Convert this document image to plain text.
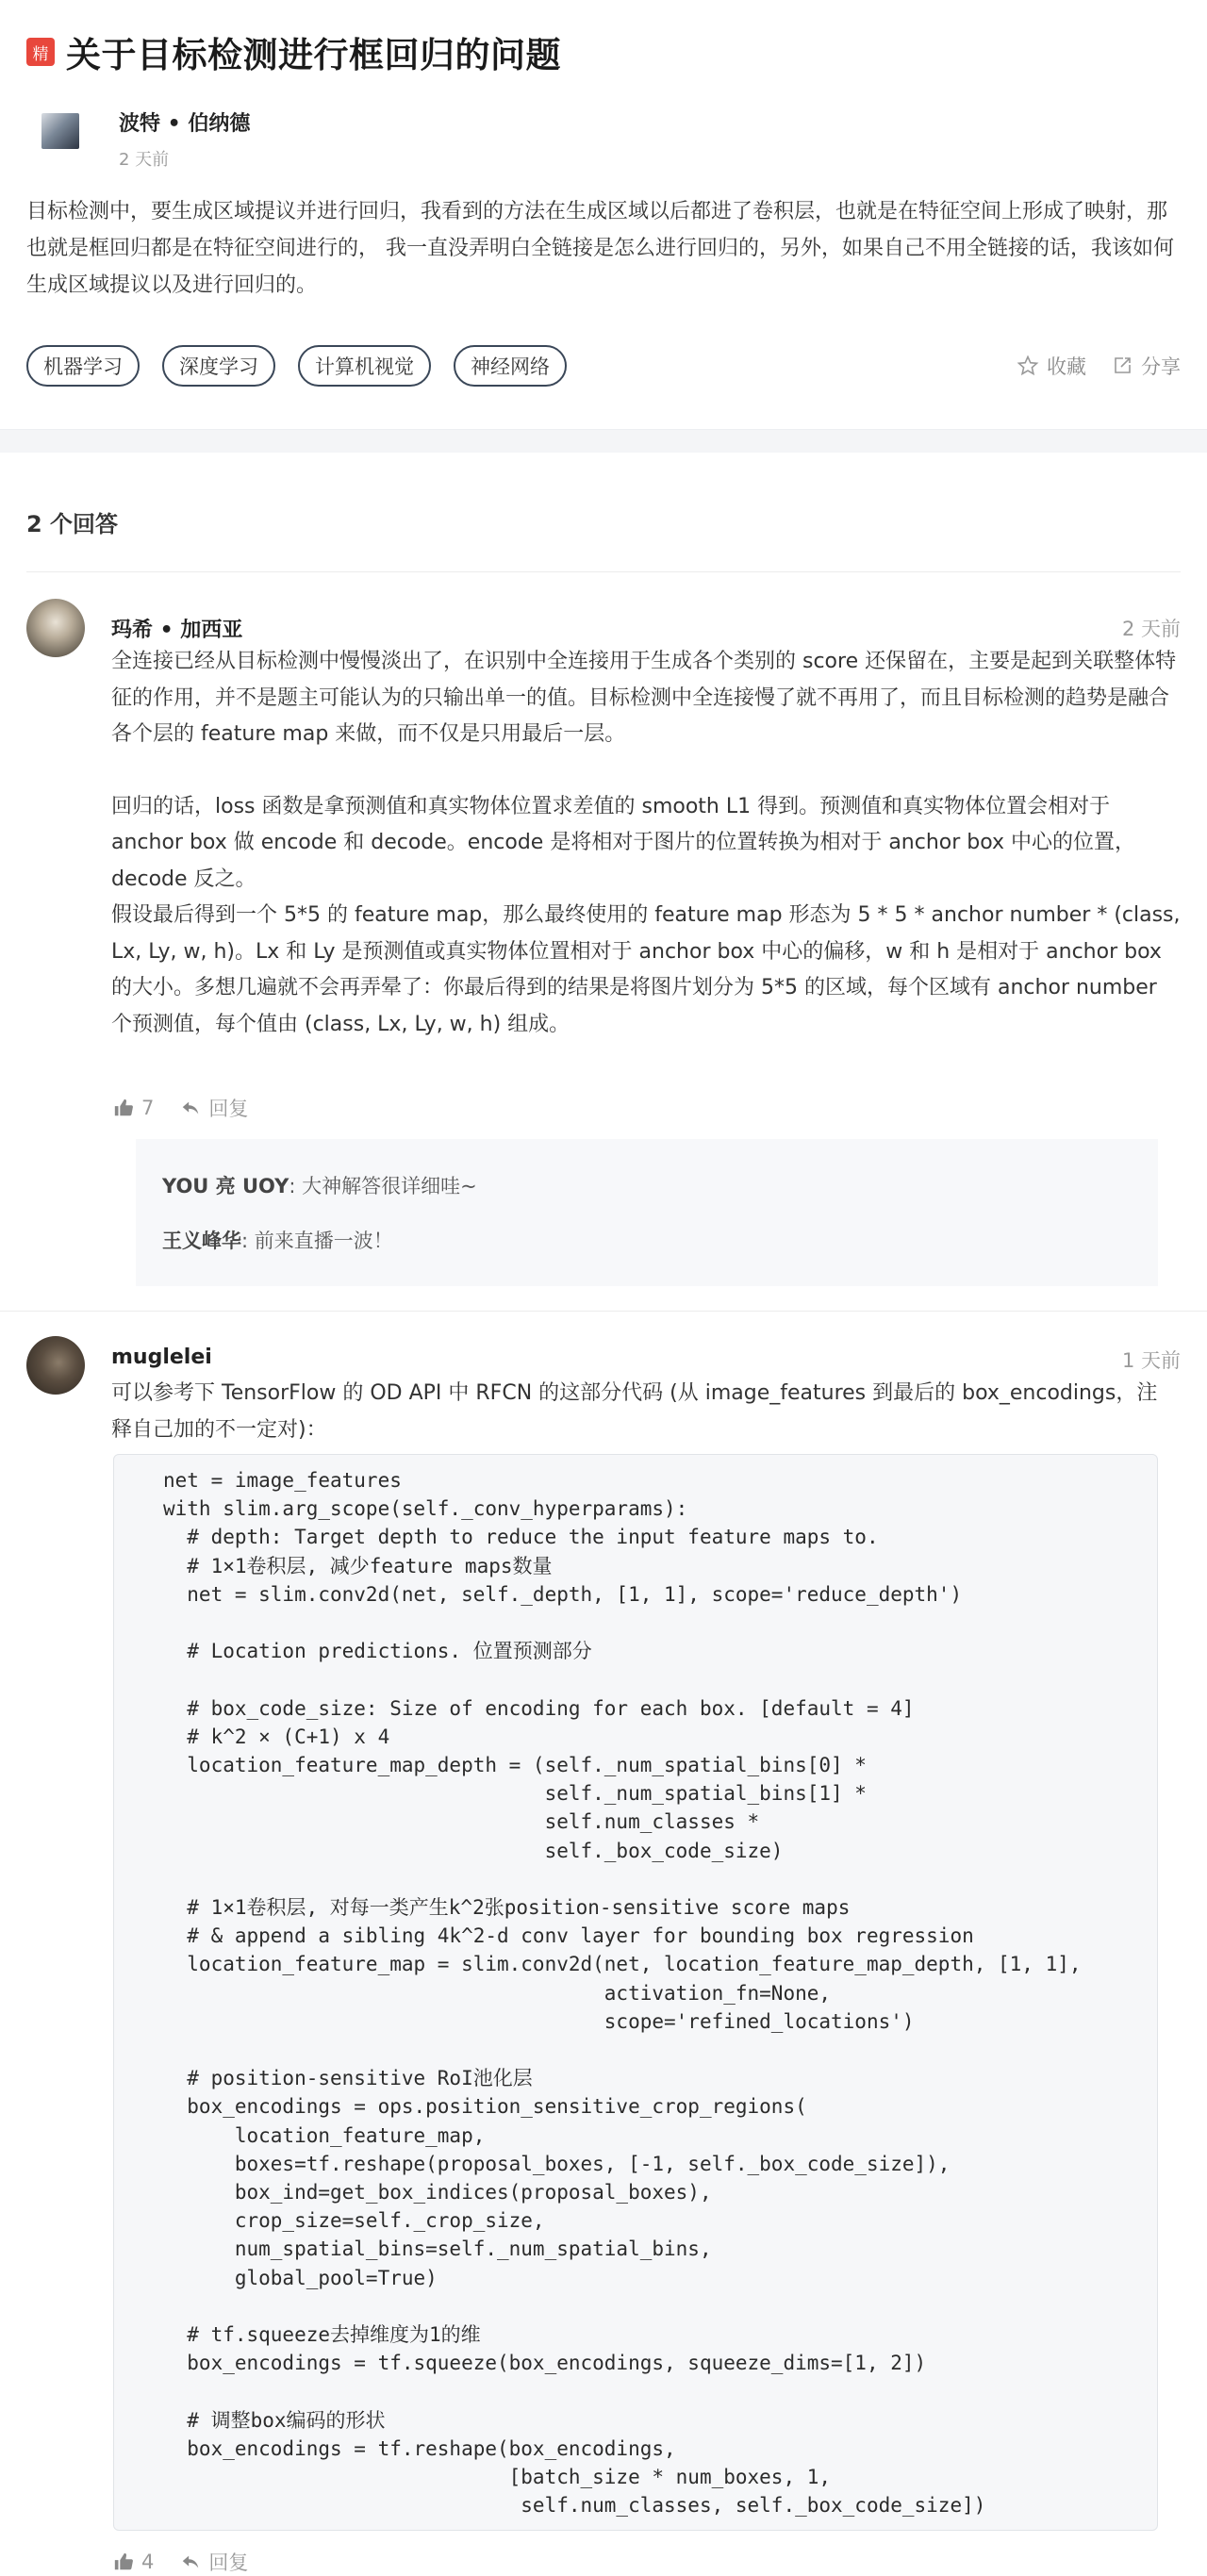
精 关于目标检测进行框回归的问题
波特 • 伯纳德
2 天前
目标检测中，要生成区域提议并进行回归，我看到的方法在生成区域以后都进了卷积层，也就是在特征空间上形成了映射，那也就是框回归都是在特征空间进行的， 我一直没弄明白全链接是怎么进行回归的，另外，如果自己不用全链接的话，我该如何生成区域提议以及进行回归的。
机器学习	深度学习	计算机视觉	神经网络	收藏	分享
2 个回答
玛希 • 加西亚	2 天前

全连接已经从目标检测中慢慢淡出了，在识别中全连接用于生成各个类别的 score 还保留在，主要是起到关联整体特征的作用，并不是题主可能认为的只输出单一的值。目标检测中全连接慢了就不再用了，而且目标检测的趋势是融合各个层的 feature map 来做，而不仅是只用最后一层。

回归的话，loss 函数是拿预测值和真实物体位置求差值的 smooth L1 得到。预测值和真实物体位置会相对于 anchor box 做 encode 和 decode。encode 是将相对于图片的位置转换为相对于 anchor box 中心的位置，decode 反之。

假设最后得到一个 5*5 的 feature map，那么最终使用的 feature map 形态为 5 * 5 * anchor number * (class, Lx, Ly, w, h)。Lx 和 Ly 是预测值或真实物体位置相对于 anchor box 中心的偏移，w 和 h 是相对于 anchor box 的大小。多想几遍就不会再弄晕了：你最后得到的结果是将图片划分为 5*5 的区域，每个区域有 anchor number 个预测值，每个值由 (class, Lx, Ly, w, h) 组成。

7	回复
YOU 亮 UOY: 大神解答很详细哇~
王义峰华: 前来直播一波！
muglelei	1 天前
可以参考下 TensorFlow 的 OD API 中 RFCN 的这部分代码 (从 image_features 到最后的 box_encodings，注释自己加的不一定对)：
net = image_features
with slim.arg_scope(self._conv_hyperparams):
# depth: Target depth to reduce the input feature maps to.
# 1×1卷积层, 减少feature maps数量
net = slim.conv2d(net, self._depth, [1, 1], scope='reduce_depth')

# Location predictions. 位置预测部分

# box_code_size: Size of encoding for each box. [default = 4]
# k^2 × (C+1) x 4
location_feature_map_depth = (self._num_spatial_bins[0] *
self._num_spatial_bins[1] *
self.num_classes *
self._box_code_size)

# 1×1卷积层, 对每一类产生k^2张position-sensitive score maps
# & append a sibling 4k^2-d conv layer for bounding box regression
location_feature_map = slim.conv2d(net, location_feature_map_depth, [1, 1],
activation_fn=None,
scope='refined_locations')

# position-sensitive RoI池化层
box_encodings = ops.position_sensitive_crop_regions(
location_feature_map,
boxes=tf.reshape(proposal_boxes, [-1, self._box_code_size]),
box_ind=get_box_indices(proposal_boxes),
crop_size=self._crop_size,
num_spatial_bins=self._num_spatial_bins,
global_pool=True)

# tf.squeeze去掉维度为1的维
box_encodings = tf.squeeze(box_encodings, squeeze_dims=[1, 2])

# 调整box编码的形状
box_encodings = tf.reshape(box_encodings,
[batch_size * num_boxes, 1,
self.num_classes, self._box_code_size])
4	回复
